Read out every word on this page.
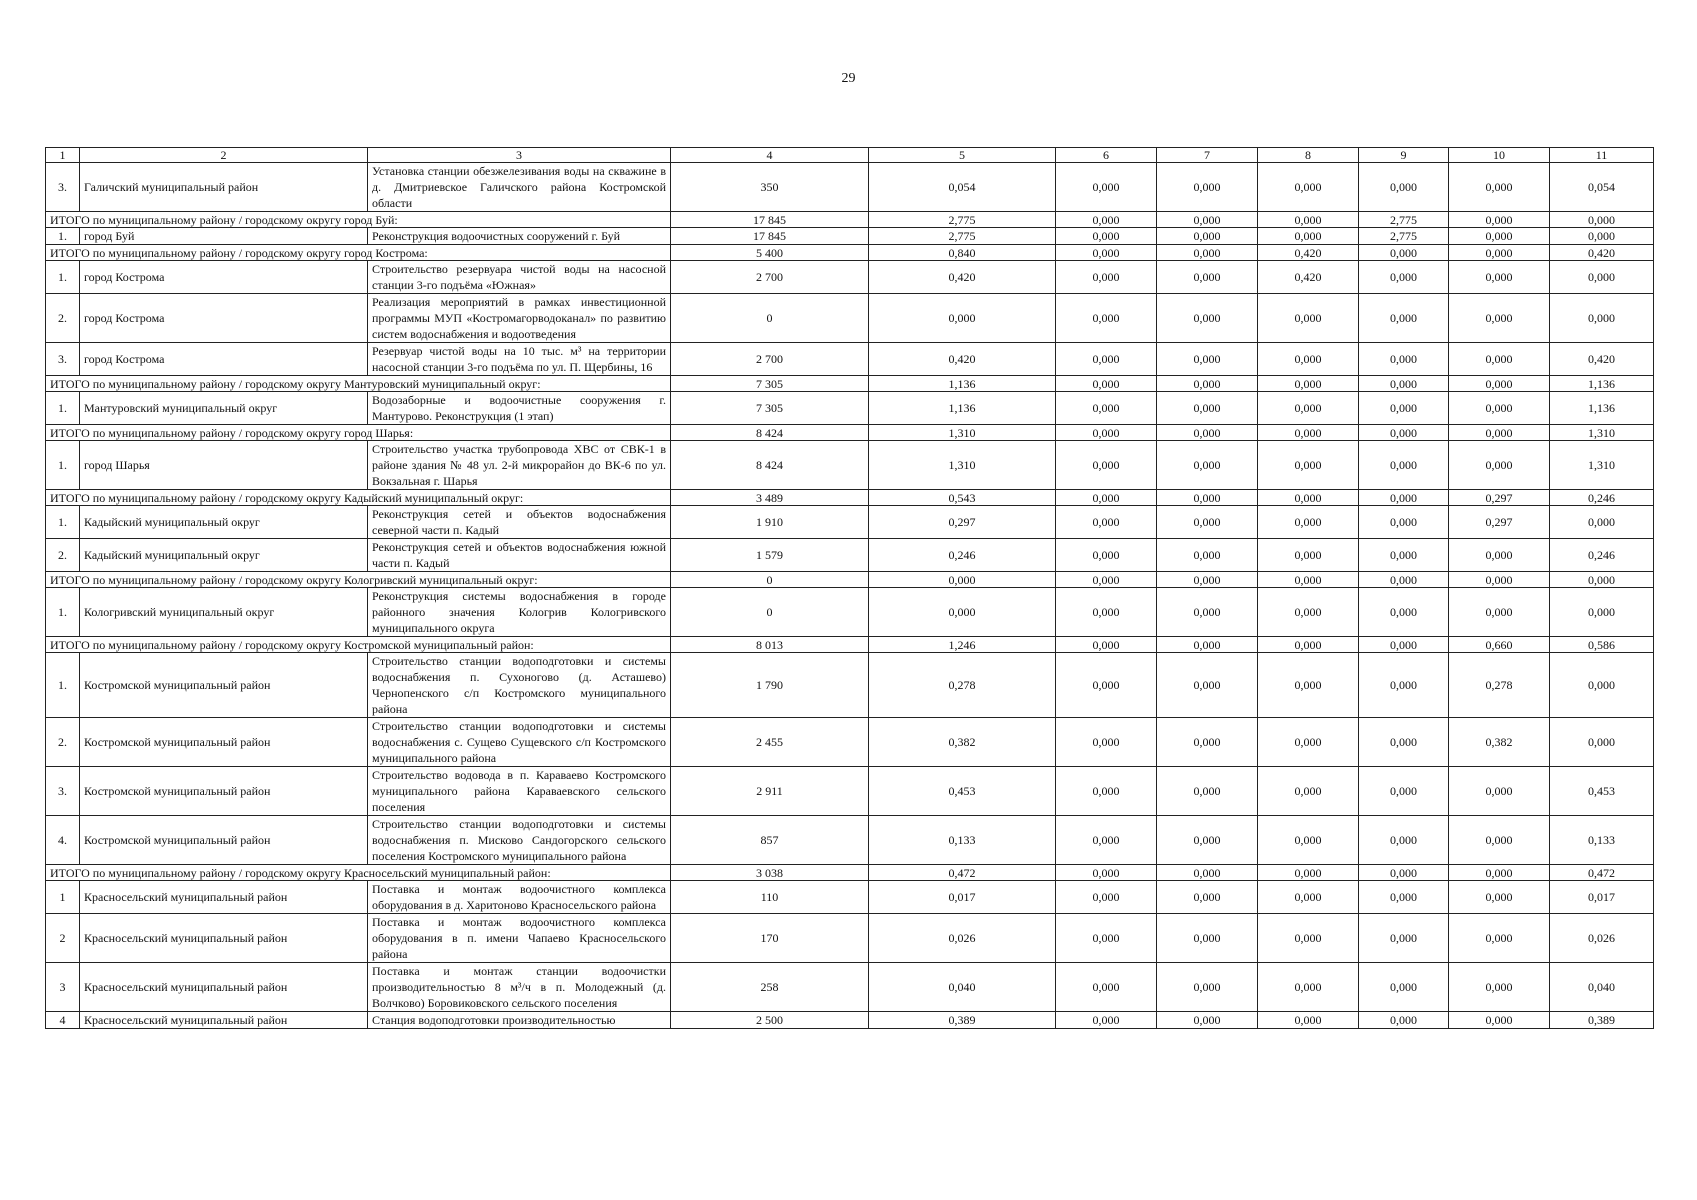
29
1	2	3	4	5	6	7	8	9	10	11
3.	Галичский муниципальный район	Установка станции обезжелезивания воды на скважине в д. Дмитриевское Галичского района Костромской области	350	0,054	0,000	0,000	0,000	0,000	0,000	0,054
ИТОГО по муниципальному району / городскому округу город Буй:			17 845	2,775	0,000	0,000	0,000	2,775	0,000	0,000
1.	город Буй	Реконструкция водоочистных сооружений г. Буй	17 845	2,775	0,000	0,000	0,000	2,775	0,000	0,000
ИТОГО по муниципальному району / городскому округу город Кострома:			5 400	0,840	0,000	0,000	0,420	0,000	0,000	0,420
1.	город Кострома	Строительство резервуара чистой воды на насосной станции 3-го подъёма «Южная»	2 700	0,420	0,000	0,000	0,420	0,000	0,000	0,000
2.	город Кострома	Реализация мероприятий в рамках инвестиционной программы МУП «Костромагорводоканал» по развитию систем водоснабжения и водоотведения	0	0,000	0,000	0,000	0,000	0,000	0,000	0,000
3.	город Кострома	Резервуар чистой воды на 10 тыс. м³ на территории насосной станции 3-го подъёма по ул. П. Щербины, 16	2 700	0,420	0,000	0,000	0,000	0,000	0,000	0,420
ИТОГО по муниципальному району / городскому округу Мантуровский муниципальный округ:			7 305	1,136	0,000	0,000	0,000	0,000	0,000	1,136
1.	Мантуровский муниципальный округ	Водозаборные и водоочистные сооружения г. Мантурово. Реконструкция (1 этап)	7 305	1,136	0,000	0,000	0,000	0,000	0,000	1,136
ИТОГО по муниципальному району / городскому округу город Шарья:			8 424	1,310	0,000	0,000	0,000	0,000	0,000	1,310
1.	город Шарья	Строительство участка трубопровода ХВС от СВК-1 в районе здания № 48 ул. 2-й микрорайон до ВК-6 по ул. Вокзальная г. Шарья	8 424	1,310	0,000	0,000	0,000	0,000	0,000	1,310
ИТОГО по муниципальному району / городскому округу Кадыйский муниципальный округ:			3 489	0,543	0,000	0,000	0,000	0,000	0,297	0,246
1.	Кадыйский муниципальный округ	Реконструкция сетей и объектов водоснабжения северной части п. Кадый	1 910	0,297	0,000	0,000	0,000	0,000	0,297	0,000
2.	Кадыйский муниципальный округ	Реконструкция сетей и объектов водоснабжения южной части п. Кадый	1 579	0,246	0,000	0,000	0,000	0,000	0,000	0,246
ИТОГО по муниципальному району / городскому округу Кологривский муниципальный округ:			0	0,000	0,000	0,000	0,000	0,000	0,000	0,000
1.	Кологривский муниципальный округ	Реконструкция системы водоснабжения в городе районного значения Кологрив Кологривского муниципального округа	0	0,000	0,000	0,000	0,000	0,000	0,000	0,000
ИТОГО по муниципальному району / городскому округу Костромской муниципальный район:			8 013	1,246	0,000	0,000	0,000	0,000	0,660	0,586
1.	Костромской муниципальный район	Строительство станции водоподготовки и системы водоснабжения п. Сухоногово (д. Асташево) Чернопенского с/п Костромского муниципального района	1 790	0,278	0,000	0,000	0,000	0,000	0,278	0,000
2.	Костромской муниципальный район	Строительство станции водоподготовки и системы водоснабжения с. Сущево Сущевского с/п Костромского муниципального района	2 455	0,382	0,000	0,000	0,000	0,000	0,382	0,000
3.	Костромской муниципальный район	Строительство водовода в п. Караваево Костромского муниципального района Караваевского сельского поселения	2 911	0,453	0,000	0,000	0,000	0,000	0,000	0,453
4.	Костромской муниципальный район	Строительство станции водоподготовки и системы водоснабжения п. Мисково Сандогорского сельского поселения Костромского муниципального района	857	0,133	0,000	0,000	0,000	0,000	0,000	0,133
ИТОГО по муниципальному району / городскому округу Красносельский муниципальный район:			3 038	0,472	0,000	0,000	0,000	0,000	0,000	0,472
1	Красносельский муниципальный район	Поставка и монтаж водоочистного комплекса оборудования в д. Харитоново Красносельского района	110	0,017	0,000	0,000	0,000	0,000	0,000	0,017
2	Красносельский муниципальный район	Поставка и монтаж водоочистного комплекса оборудования в п. имени Чапаево Красносельского района	170	0,026	0,000	0,000	0,000	0,000	0,000	0,026
3	Красносельский муниципальный район	Поставка и монтаж станции водоочистки производительностью 8 м³/ч в п. Молодежный (д. Волчково) Боровиковского сельского поселения	258	0,040	0,000	0,000	0,000	0,000	0,000	0,040
4	Красносельский муниципальный район	Станция водоподготовки производительностью	2 500	0,389	0,000	0,000	0,000	0,000	0,000	0,389
